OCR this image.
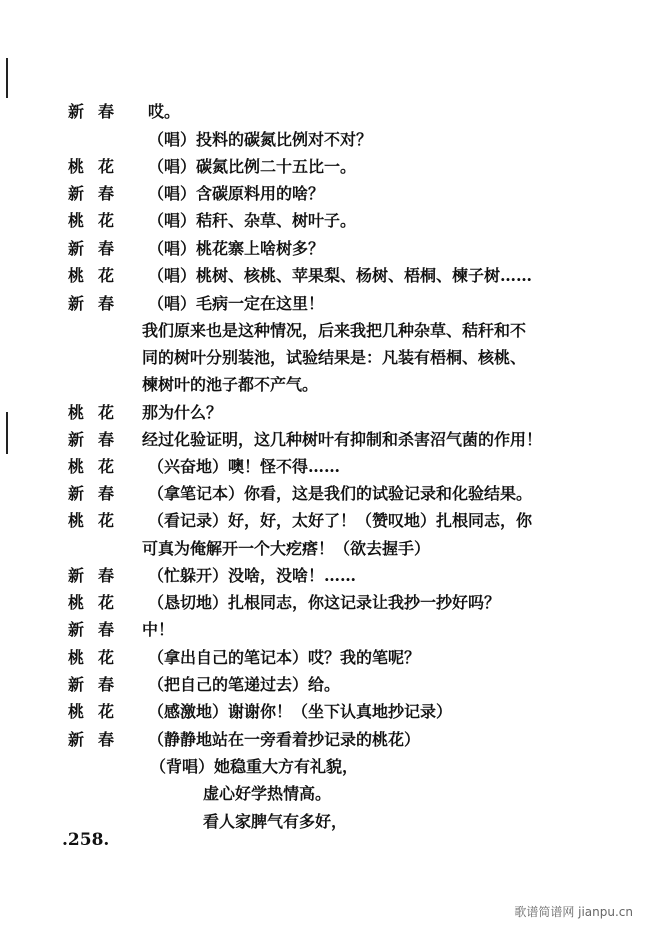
新春 哎。
（唱）投料的碳氮比例对不对？
桃花 （唱）碳氮比例二十五比一。
新春 （唱）含碳原料用的啥？
桃花 （唱）秸秆、杂草、树叶子。
新春 （唱）桃花寨上啥树多？
桃花 （唱）桃树、核桃、苹果梨、杨树、梧桐、楝子树……
新春 （唱）毛病一定在这里！
我们原来也是这种情况，后来我把几种杂草、秸秆和不
同的树叶分别装池，试验结果是：凡装有梧桐、核桃、
楝树叶的池子都不产气。
桃花 那为什么？
新春 经过化验证明，这几种树叶有抑制和杀害沼气菌的作用！
桃花 （兴奋地）噢！怪不得……
新春 （拿笔记本）你看，这是我们的试验记录和化验结果。
桃花 （看记录）好，好，太好了！（赞叹地）扎根同志，你
可真为俺解开一个大疙瘩！（欲去握手）
新春 （忙躲开）没啥，没啥！……
桃花 （恳切地）扎根同志，你这记录让我抄一抄好吗？
新春 中！
桃花 （拿出自己的笔记本）哎？我的笔呢？
新春 （把自己的笔递过去）给。
桃花 （感激地）谢谢你！（坐下认真地抄记录）
新春 （静静地站在一旁看着抄记录的桃花）
（背唱）她稳重大方有礼貌，
虚心好学热情高。
看人家脾气有多好，
.258.
歌谱简谱网 jianpu.cn
